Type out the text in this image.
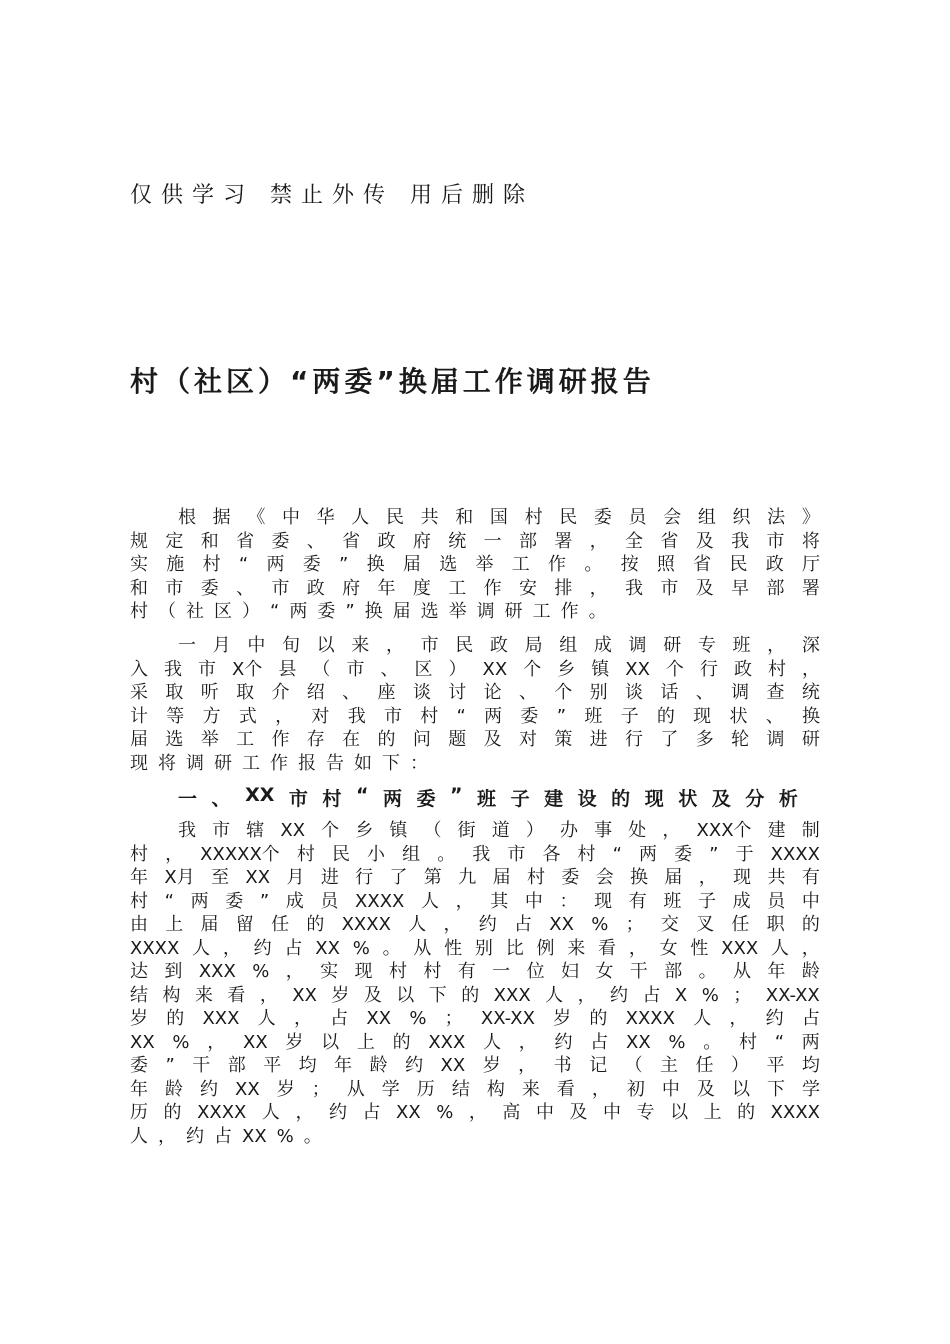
仅供学习 禁止外传 用后删除
村（社区）“两委”换届工作调研报告
根 据 《 中 华 人 民 共 和 国 村 民 委 员 会 组 织 法 》
规 定 和 省 委 、 省 政 府 统 一 部 署 ， 全 省 及 我 市 将
实 施 村 “ 两 委 ” 换 届 选 举 工 作 。 按 照 省 民 政 厅
和 市 委 、 市 政 府 年 度 工 作 安 排 ， 我 市 及 早 部 署
村 （ 社 区 ） “ 两 委 ” 换 届 选 举 调 研 工 作 。
一 月 中 旬 以 来 ， 市 民 政 局 组 成 调 研 专 班 ， 深
入 我 市 X个 县 （ 市 、 区 ） XX 个 乡 镇 XX 个 行 政 村 ，
采 取 听 取 介 绍 、 座 谈 讨 论 、 个 别 谈 话 、 调 查 统
计 等 方 式 ， 对 我 市 村 “ 两 委 ” 班 子 的 现 状 、 换
届 选 举 工 作 存 在 的 问 题 及 对 策 进 行 了 多 轮 调 研
现 将 调 研 工 作 报 告 如 下 ：
一 、 XX 市 村 “ 两 委 ” 班 子 建 设 的 现 状 及 分 析
我 市 辖 XX 个 乡 镇 （ 街 道 ） 办 事 处 ， XXX个 建 制
村 ， XXXXX个 村 民 小 组 。 我 市 各 村 “ 两 委 ” 于 XXXX
年 X月 至 XX 月 进 行 了 第 九 届 村 委 会 换 届 ， 现 共 有
村 “ 两 委 ” 成 员 XXXX 人 ， 其 中 ： 现 有 班 子 成 员 中
由 上 届 留 任 的 XXXX 人 ， 约 占 XX % ； 交 叉 任 职 的
XXXX 人 ， 约 占 XX % 。 从 性 别 比 例 来 看 ， 女 性 XXX 人 ，
达 到 XXX % ， 实 现 村 村 有 一 位 妇 女 干 部 。 从 年 龄
结 构 来 看 ， XX 岁 及 以 下 的 XXX 人 ， 约 占 X % ； XX-XX
岁 的 XXX 人 ， 占 XX % ； XX-XX 岁 的 XXXX 人 ， 约 占
XX % ， XX 岁 以 上 的 XXX 人 ， 约 占 XX % 。 村 “ 两
委 ” 干 部 平 均 年 龄 约 XX 岁 ， 书 记 （ 主 任 ） 平 均
年 龄 约 XX 岁 ； 从 学 历 结 构 来 看 ， 初 中 及 以 下 学
历 的 XXXX 人 ， 约 占 XX % ， 高 中 及 中 专 以 上 的 XXXX
人 ， 约 占 XX % 。
